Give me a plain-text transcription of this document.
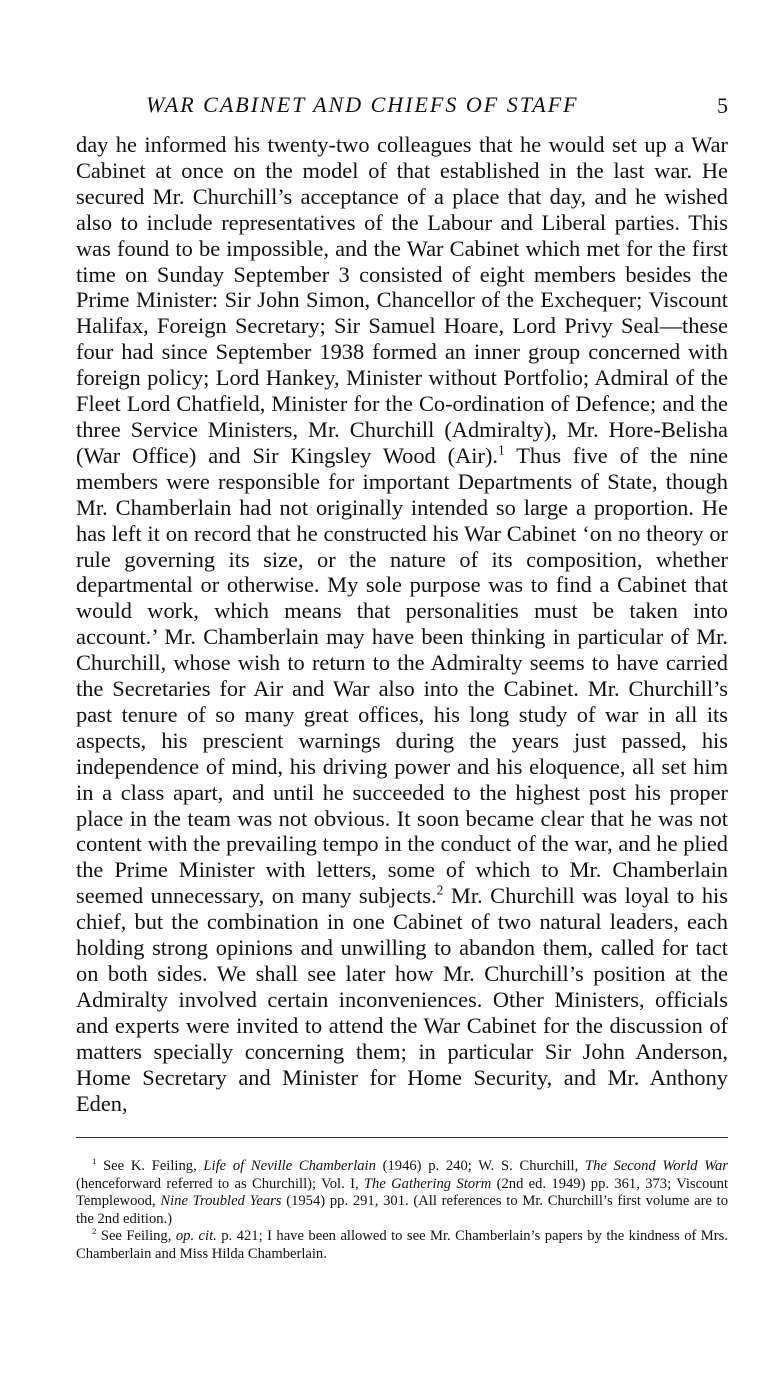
WAR CABINET AND CHIEFS OF STAFF	5

day he informed his twenty-two colleagues that he would set up a War Cabinet at once on the model of that established in the last war. He secured Mr. Churchill’s acceptance of a place that day, and he wished also to include representatives of the Labour and Liberal parties. This was found to be impossible, and the War Cabinet which met for the first time on Sunday September 3 consisted of eight members besides the Prime Minister: Sir John Simon, Chancellor of the Exchequer; Viscount Halifax, Foreign Secretary; Sir Samuel Hoare, Lord Privy Seal—these four had since September 1938 formed an inner group concerned with foreign policy; Lord Hankey, Minister without Portfolio; Admiral of the Fleet Lord Chatfield, Minister for the Co-ordination of Defence; and the three Service Ministers, Mr. Churchill (Admiralty), Mr. Hore-Belisha (War Office) and Sir Kingsley Wood (Air).$^1$ Thus five of the nine members were responsible for important Departments of State, though Mr. Chamberlain had not originally intended so large a proportion. He has left it on record that he constructed his War Cabinet ‘on no theory or rule governing its size, or the nature of its composition, whether departmental or otherwise. My sole purpose was to find a Cabinet that would work, which means that personalities must be taken into account.’ Mr. Chamberlain may have been thinking in particular of Mr. Churchill, whose wish to return to the Admiralty seems to have carried the Secretaries for Air and War also into the Cabinet. Mr. Churchill’s past tenure of so many great offices, his long study of war in all its aspects, his prescient warnings during the years just passed, his independence of mind, his driving power and his eloquence, all set him in a class apart, and until he succeeded to the highest post his proper place in the team was not obvious. It soon became clear that he was not content with the prevailing tempo in the conduct of the war, and he plied the Prime Minister with letters, some of which to Mr. Chamberlain seemed unnecessary, on many subjects.$^2$ Mr. Churchill was loyal to his chief, but the combination in one Cabinet of two natural leaders, each holding strong opinions and unwilling to abandon them, called for tact on both sides. We shall see later how Mr. Churchill’s position at the Admiralty involved certain inconveniences. Other Ministers, officials and experts were invited to attend the War Cabinet for the discussion of matters specially concerning them; in particular Sir John Anderson, Home Secretary and Minister for Home Security, and Mr. Anthony Eden,

$^1$ See K. Feiling, Life of Neville Chamberlain (1946) p. 240; W. S. Churchill, The Second World War (henceforward referred to as Churchill); Vol. I, The Gathering Storm (2nd ed. 1949) pp. 361, 373; Viscount Templewood, Nine Troubled Years (1954) pp. 291, 301. (All references to Mr. Churchill’s first volume are to the 2nd edition.)

$^2$ See Feiling, op. cit. p. 421; I have been allowed to see Mr. Chamberlain’s papers by the kindness of Mrs. Chamberlain and Miss Hilda Chamberlain.
